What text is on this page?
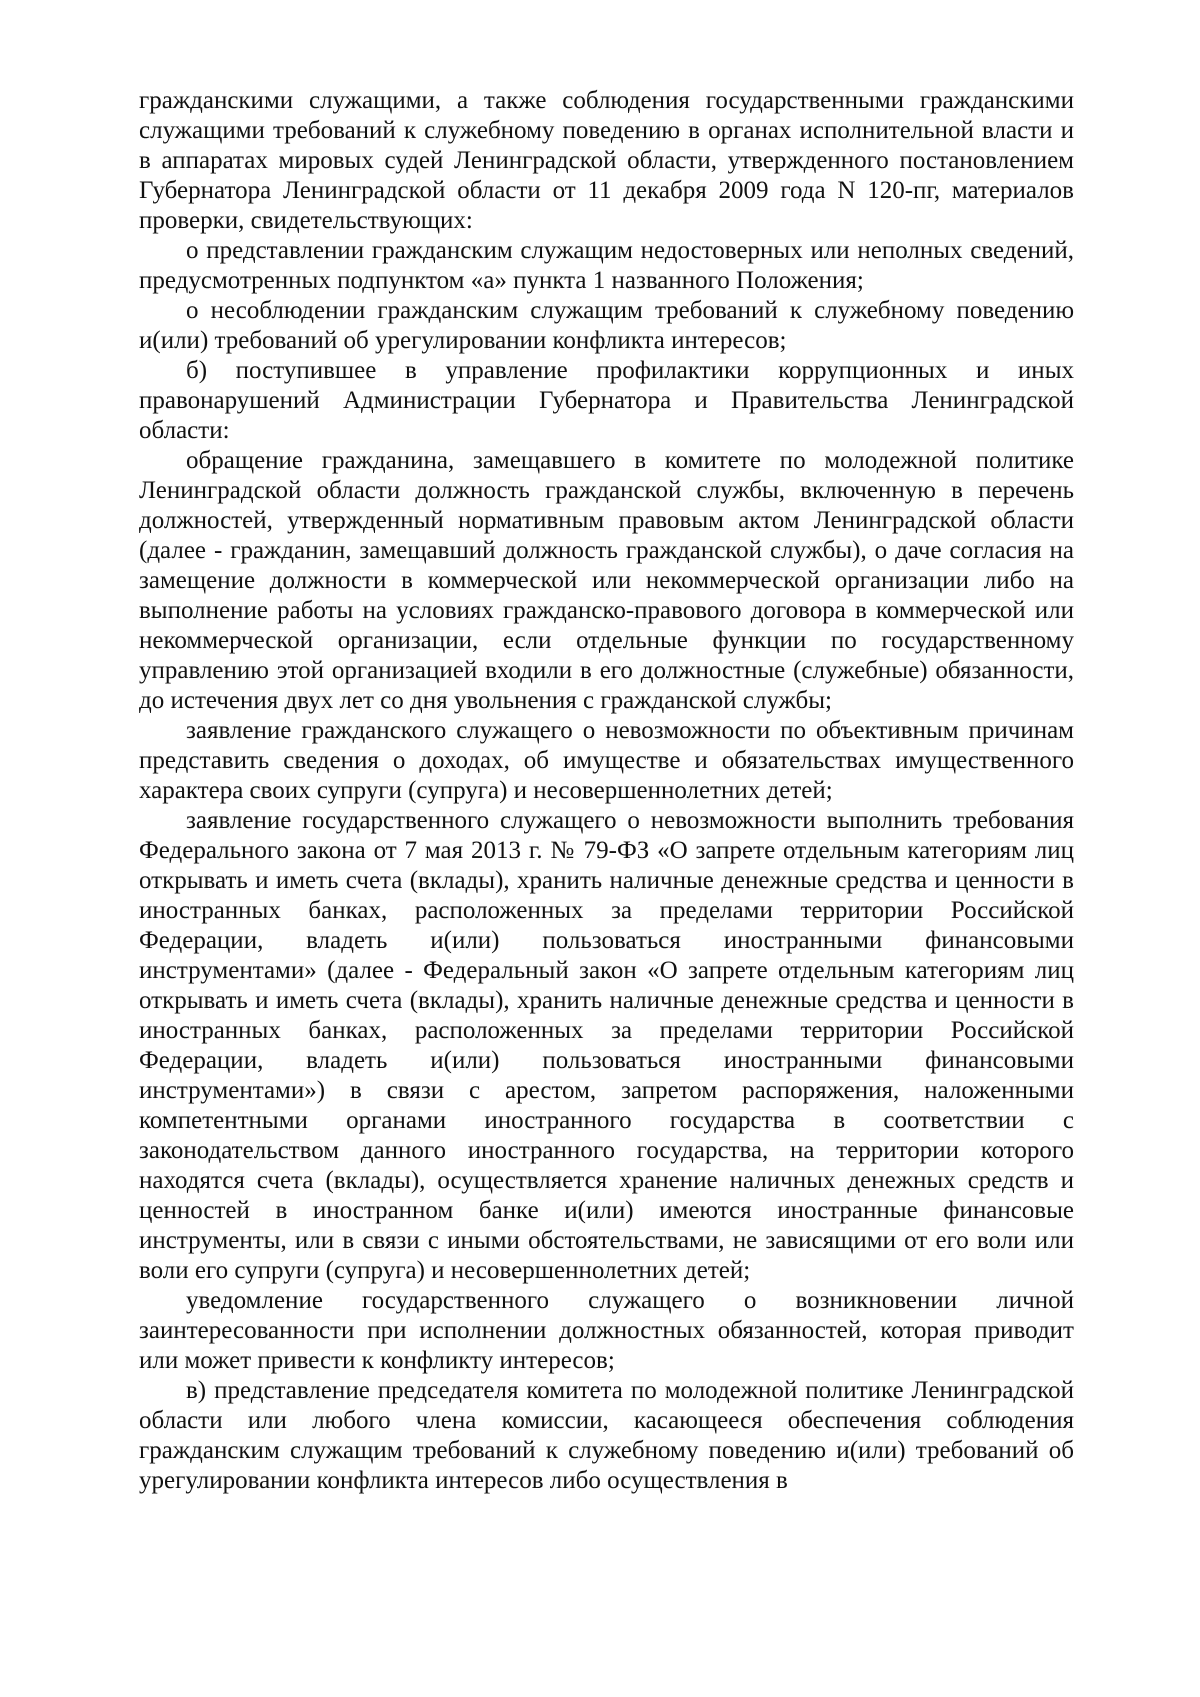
гражданскими служащими, а также соблюдения государственными гражданскими служащими требований к служебному поведению в органах исполнительной власти и в аппаратах мировых судей Ленинградской области, утвержденного постановлением Губернатора Ленинградской области от 11 декабря 2009 года N 120-пг, материалов проверки, свидетельствующих:

о представлении гражданским служащим недостоверных или неполных сведений, предусмотренных подпунктом «а» пункта 1 названного Положения;

о несоблюдении гражданским служащим требований к служебному поведению и(или) требований об урегулировании конфликта интересов;

б) поступившее в управление профилактики коррупционных и иных правонарушений Администрации Губернатора и Правительства Ленинградской области:

обращение гражданина, замещавшего в комитете по молодежной политике Ленинградской области должность гражданской службы, включенную в перечень должностей, утвержденный нормативным правовым актом Ленинградской области (далее - гражданин, замещавший должность гражданской службы), о даче согласия на замещение должности в коммерческой или некоммерческой организации либо на выполнение работы на условиях гражданско-правового договора в коммерческой или некоммерческой организации, если отдельные функции по государственному управлению этой организацией входили в его должностные (служебные) обязанности, до истечения двух лет со дня увольнения с гражданской службы;

заявление гражданского служащего о невозможности по объективным причинам представить сведения о доходах, об имуществе и обязательствах имущественного характера своих супруги (супруга) и несовершеннолетних детей;

заявление государственного служащего о невозможности выполнить требования Федерального закона от 7 мая 2013 г. № 79-ФЗ «О запрете отдельным категориям лиц открывать и иметь счета (вклады), хранить наличные денежные средства и ценности в иностранных банках, расположенных за пределами территории Российской Федерации, владеть и(или) пользоваться иностранными финансовыми инструментами» (далее - Федеральный закон «О запрете отдельным категориям лиц открывать и иметь счета (вклады), хранить наличные денежные средства и ценности в иностранных банках, расположенных за пределами территории Российской Федерации, владеть и(или) пользоваться иностранными финансовыми инструментами») в связи с арестом, запретом распоряжения, наложенными компетентными органами иностранного государства в соответствии с законодательством данного иностранного государства, на территории которого находятся счета (вклады), осуществляется хранение наличных денежных средств и ценностей в иностранном банке и(или) имеются иностранные финансовые инструменты, или в связи с иными обстоятельствами, не зависящими от его воли или воли его супруги (супруга) и несовершеннолетних детей;

уведомление государственного служащего о возникновении личной заинтересованности при исполнении должностных обязанностей, которая приводит или может привести к конфликту интересов;

в) представление председателя комитета по молодежной политике Ленинградской области или любого члена комиссии, касающееся обеспечения соблюдения гражданским служащим требований к служебному поведению и(или) требований об урегулировании конфликта интересов либо осуществления в
